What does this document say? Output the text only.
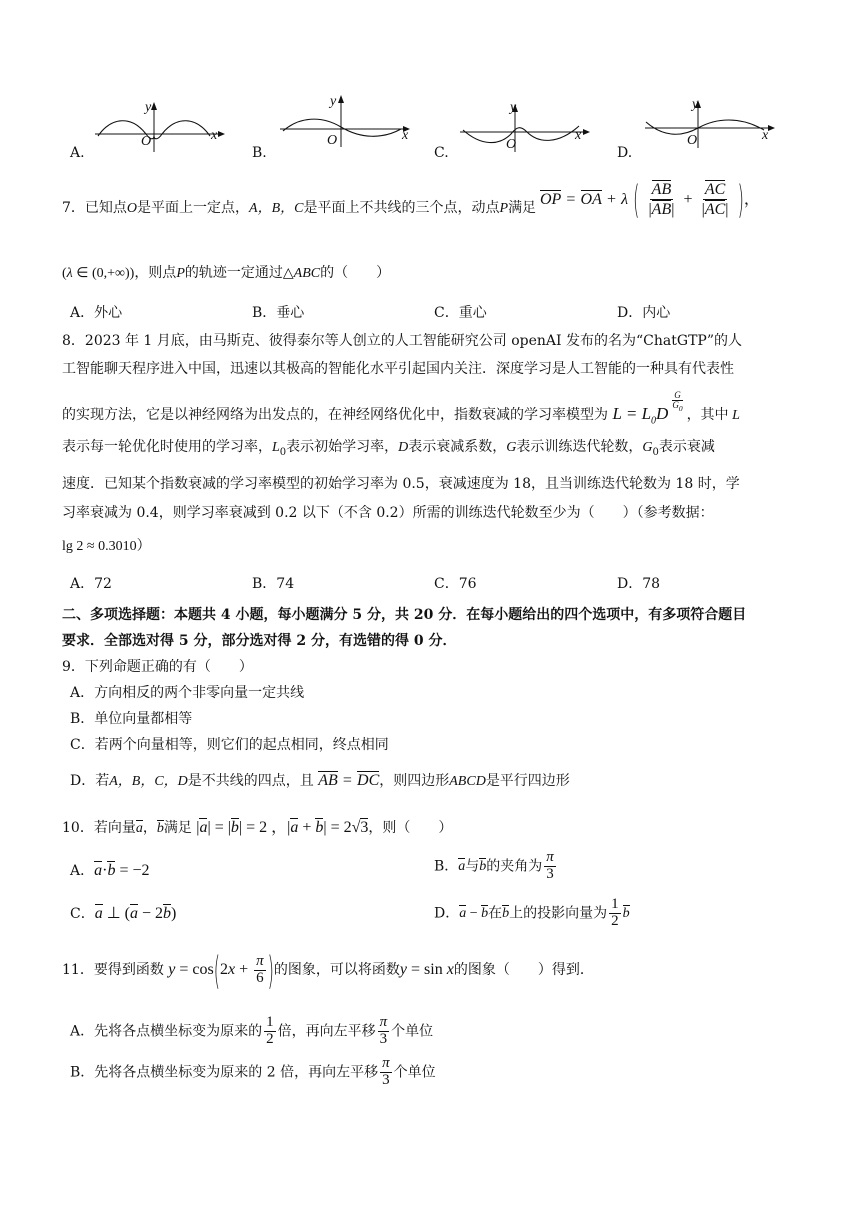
A.
y
O	x
B.
y
O	x
C.
y
O
x
D.
y
O	x
7．已知点O是平面上一定点，A，B，C是平面上不共线的三个点，动点P满足
OP = OA + λ ( $\frac{AB}{|AB|} + \frac{AC}{|AC|}$ )，
(λ ∈ (0,+∞))，则点P的轨迹一定通过△ABC的（　　）
A．外心	B．垂心	C．重心	D．内心
8．2023 年 1 月底，由马斯克、彼得泰尔等人创立的人工智能研究公司 openAI 发布的名为“ChatGTP”的人
工智能聊天程序进入中国，迅速以其极高的智能化水平引起国内关注．深度学习是人工智能的一种具有代表性
的实现方法，它是以神经网络为出发点的，在神经网络优化中，指数衰减的学习率模型为 $L = L_0D$
$^{\frac{G}{G_0}}$
，其中 L
表示每一轮优化时使用的学习率，$L_0$表示初始学习率，D表示衰减系数，G表示训练迭代轮数，$G_0$表示衰减
速度．已知某个指数衰减的学习率模型的初始学习率为 0.5，衰减速度为 18，且当训练迭代轮数为 18 时，学
习率衰减为 0.4，则学习率衰减到 0.2 以下（不含 0.2）所需的训练迭代轮数至少为（　　）（参考数据：
lg 2 ≈ 0.3010）
A．72	B．74	C．76	D．78
二、多项选择题：本题共 4 小题，每小题满分 5 分，共 20 分．在每小题给出的四个选项中，有多项符合题目
要求．全部选对得 5 分，部分选对得 2 分，有选错的得 0 分．
9．下列命题正确的有（　　）
A．方向相反的两个非零向量一定共线
B．单位向量都相等
C．若两个向量相等，则它们的起点相同，终点相同
D．若A，B，C，D是不共线的四点，且 AB = DC，则四边形ABCD是平行四边形
10．若向量a，b满足 |a| = |b| = 2 ，|a + b| = 2√3，则（　　）
A．a·b = −2	B．a与b的夹角为 $\frac{\pi}{3}$
C．a ⊥ (a − 2b)	D．a − b在b上的投影向量为 $\frac{1}{2}$ b
11．要得到函数 $y = \cos(2x + \frac{\pi}{6}$ )的图象，可以将函数y = sin x的图象（　　）得到．
A．先将各点横坐标变为原来的 $\frac{1}{2}$ 倍，再向左平移 $\frac{\pi}{3}$ 个单位
B．先将各点横坐标变为原来的 2 倍，再向左平移 $\frac{\pi}{3}$ 个单位
